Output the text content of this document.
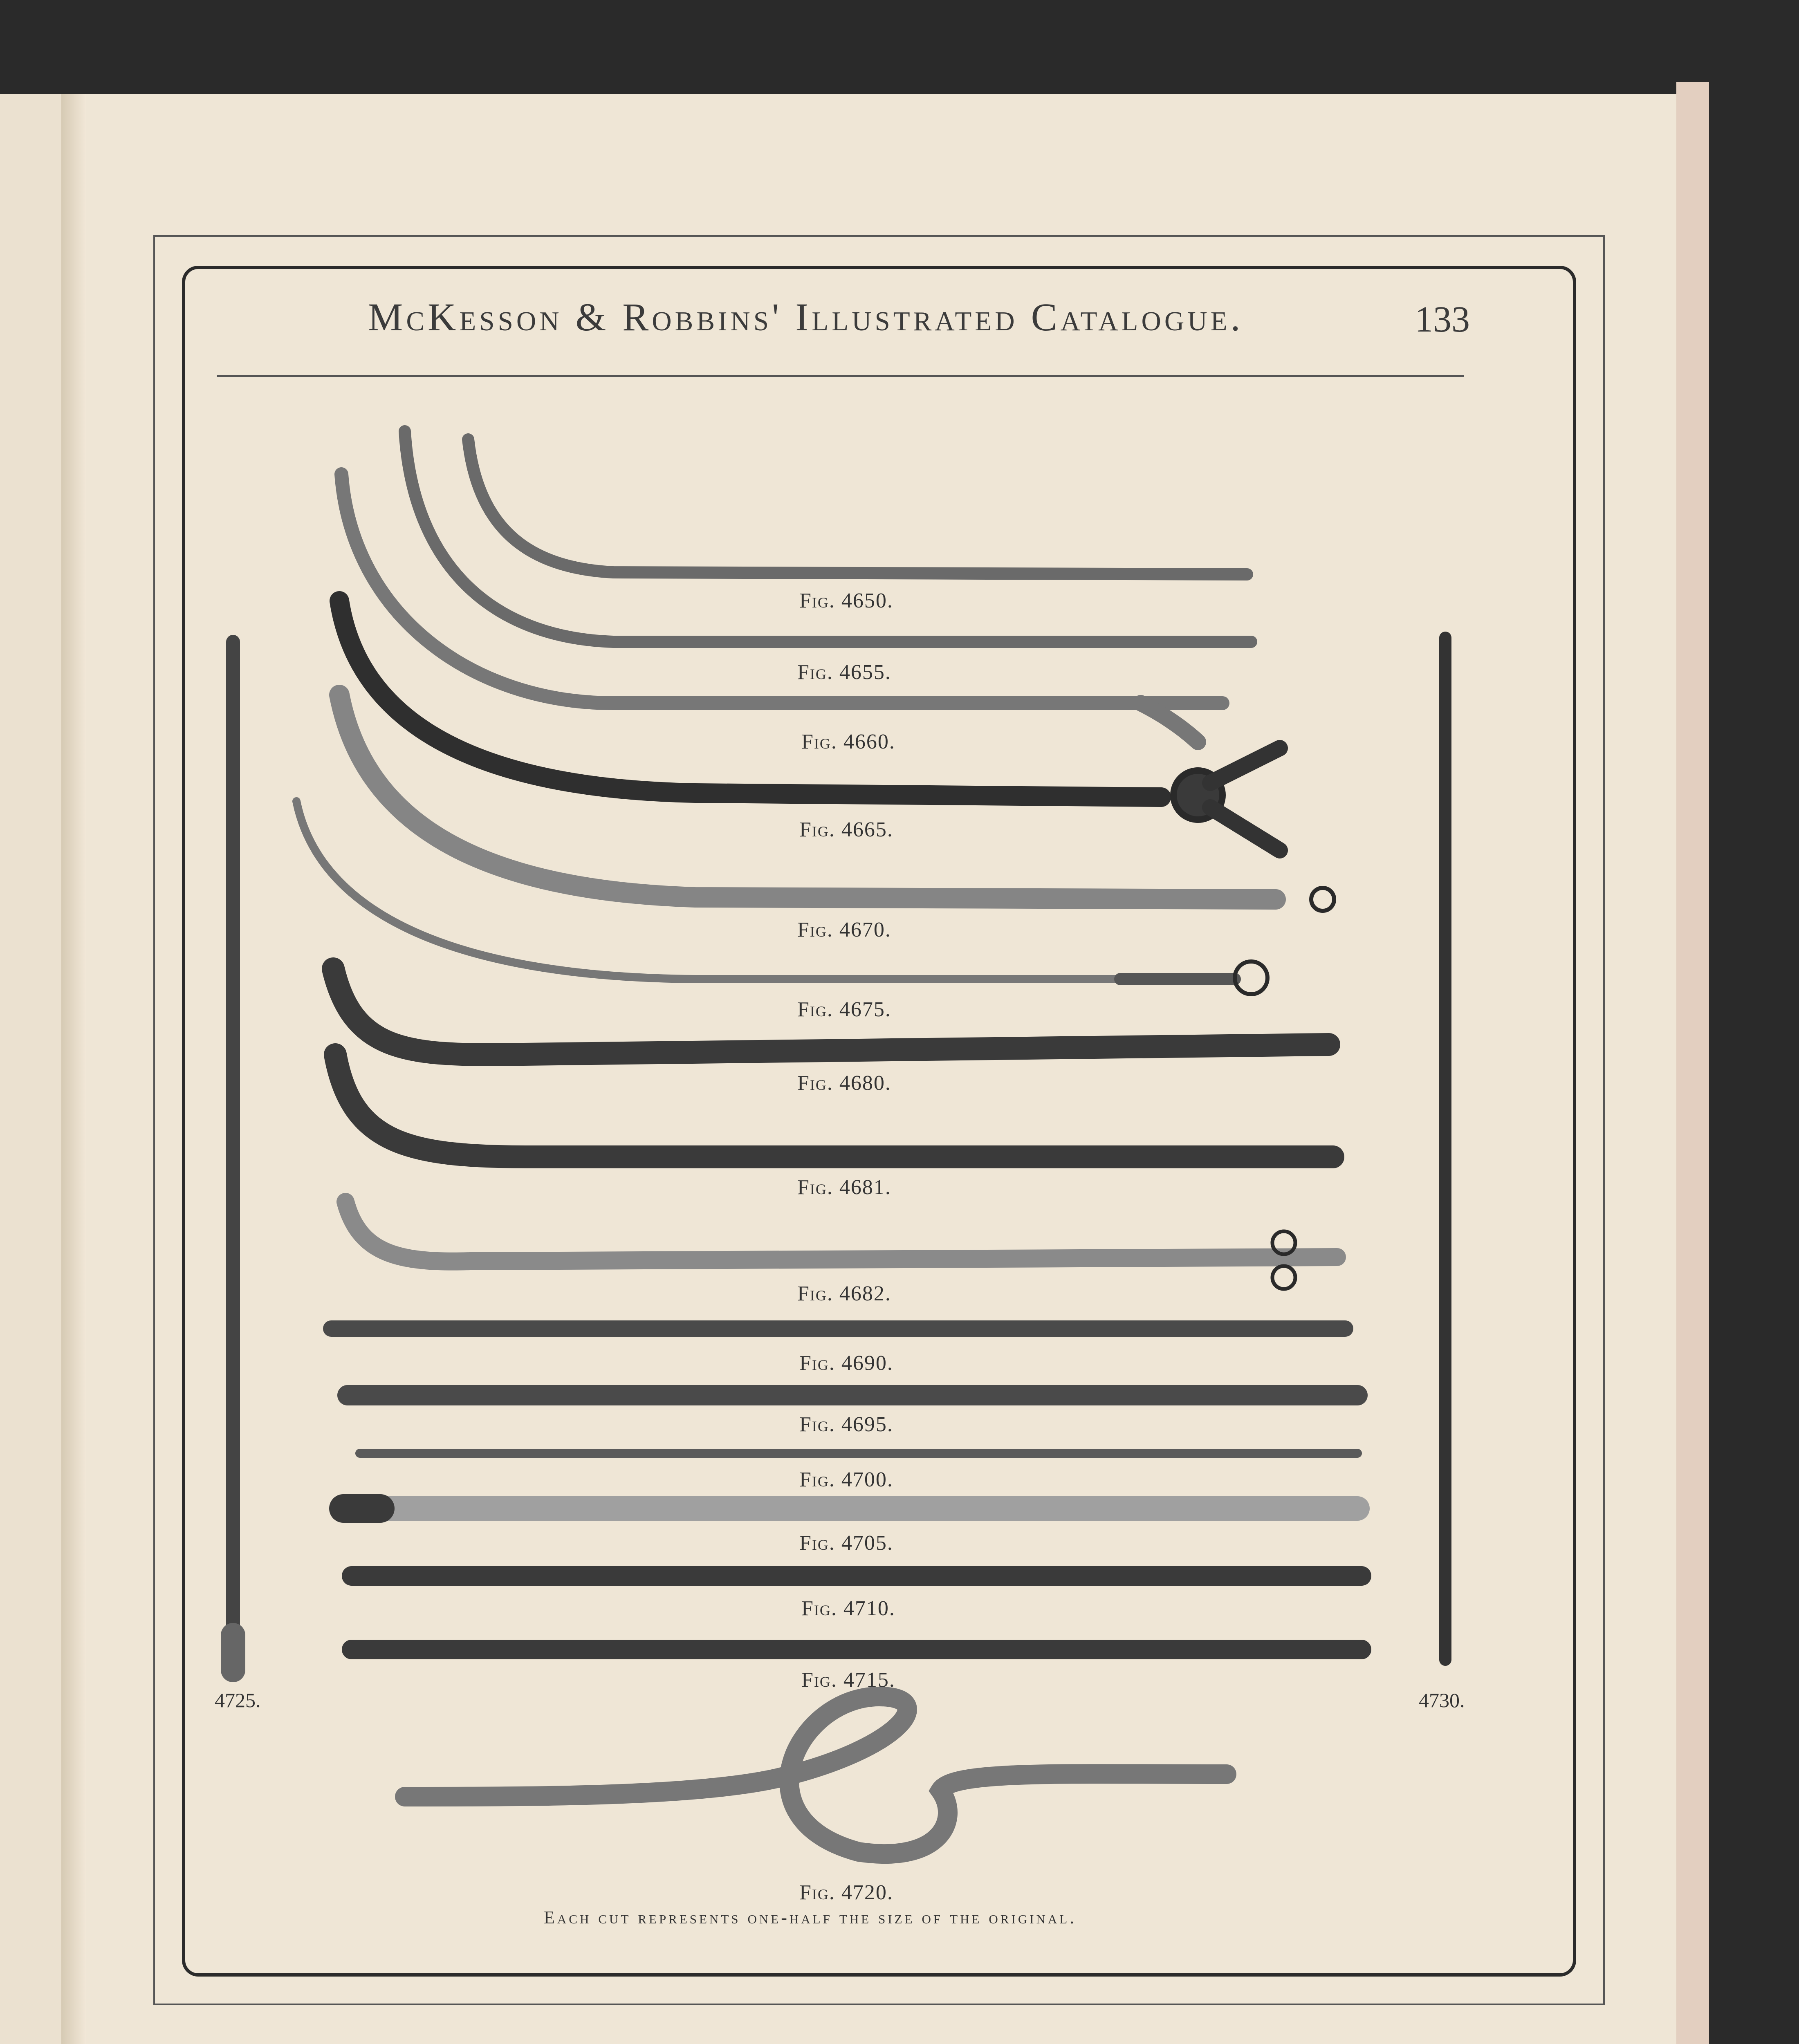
McKesson & Robbins' Illustrated Catalogue.	133
Fig. 4650.
Fig. 4655.
Fig. 4660.
Fig. 4665.
Fig. 4670.
Fig. 4675.
Fig. 4680.
Fig. 4681.
Fig. 4682.
Fig. 4690.
Fig. 4695.
Fig. 4700.
Fig. 4705.
Fig. 4710.
Fig. 4715.
Fig. 4720.
4725.	4730.
Each cut represents one-half the size of the original.
